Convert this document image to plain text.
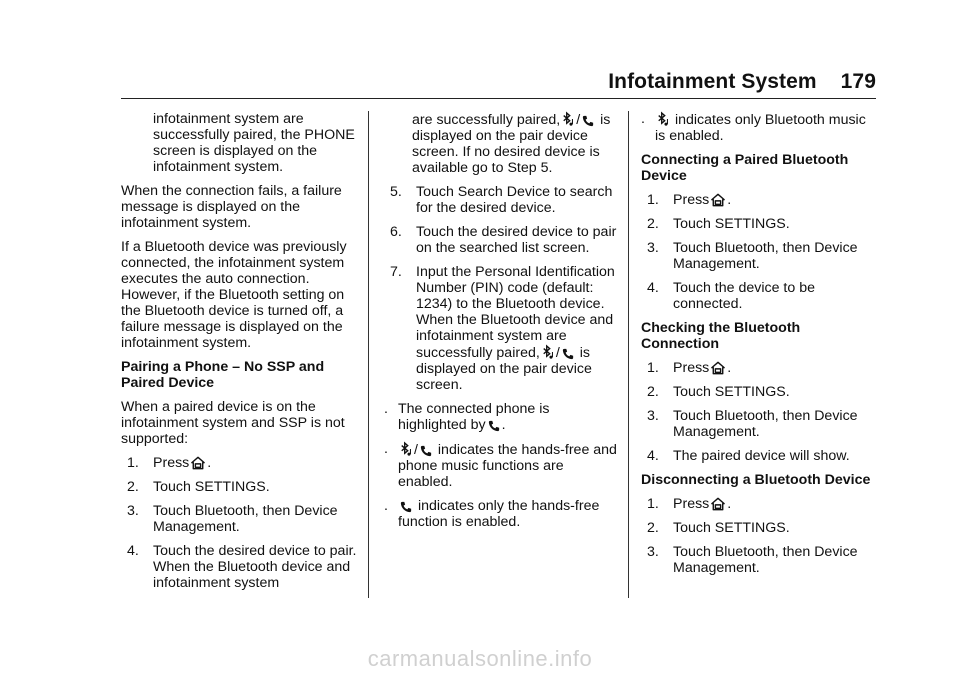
Infotainment System 179

infotainment system are successfully paired, the PHONE screen is displayed on the infotainment system.

When the connection fails, a failure message is displayed on the infotainment system.

If a Bluetooth device was previously connected, the infotainment system executes the auto connection. However, if the Bluetooth setting on the Bluetooth device is turned off, a failure message is displayed on the infotainment system.

Pairing a Phone – No SSP and Paired Device

When a paired device is on the infotainment system and SSP is not supported:

1. Press .
2. Touch SETTINGS.
3. Touch Bluetooth, then Device Management.
4. Touch the desired device to pair. When the Bluetooth device and infotainment system

are successfully paired, / is displayed on the pair device screen. If no desired device is available go to Step 5.

5. Touch Search Device to search for the desired device.
6. Touch the desired device to pair on the searched list screen.
7. Input the Personal Identification Number (PIN) code (default: 1234) to the Bluetooth device. When the Bluetooth device and infotainment system are successfully paired, / is displayed on the pair device screen.
. The connected phone is highlighted by .
. / indicates the hands-free and phone music functions are enabled.
. indicates only the hands-free function is enabled.
. indicates only Bluetooth music is enabled.

Connecting a Paired Bluetooth Device

1. Press .
2. Touch SETTINGS.
3. Touch Bluetooth, then Device Management.
4. Touch the device to be connected.

Checking the Bluetooth Connection

1. Press .
2. Touch SETTINGS.
3. Touch Bluetooth, then Device Management.
4. The paired device will show.

Disconnecting a Bluetooth Device

1. Press .
2. Touch SETTINGS.
3. Touch Bluetooth, then Device Management.
carmanualsonline.info
